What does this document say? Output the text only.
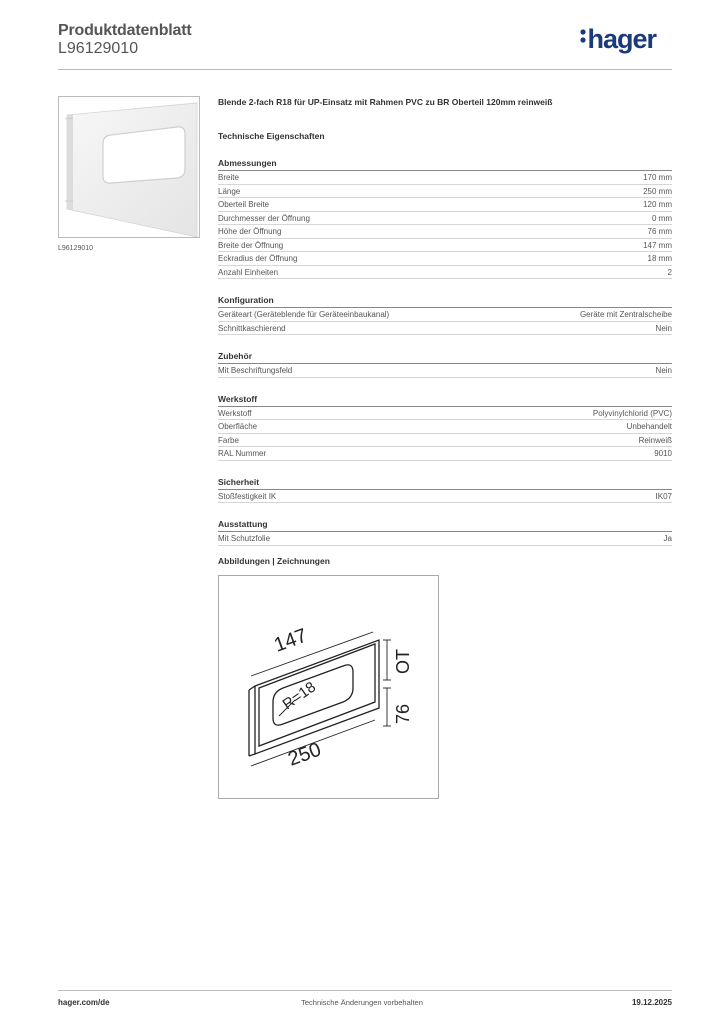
Produktdatenblatt
L96129010	hager
L96129010
Blende 2-fach R18 für UP-Einsatz mit Rahmen PVC zu BR Oberteil 120mm reinweiß
Technische Eigenschaften
Abmessungen
Breite	170 mm
Länge	250 mm
Oberteil Breite	120 mm
Durchmesser der Öffnung	0 mm
Höhe der Öffnung	76 mm
Breite der Öffnung	147 mm
Eckradius der Öffnung	18 mm
Anzahl Einheiten	2
Konfiguration
Geräteart (Geräteblende für Geräteeinbaukanal)	Geräte mit Zentralscheibe
Schnittkaschierend	Nein
Zubehör
Mit Beschriftungsfeld	Nein
Werkstoff
Werkstoff	Polyvinylchlorid (PVC)
Oberfläche	Unbehandelt
Farbe	Reinweiß
RAL Nummer	9010
Sicherheit
Stoßfestigkeit IK	IK07
Ausstattung
Mit Schutzfolie	Ja
Abbildungen | Zeichnungen
147
250
R=18
OT
76
hager.com/de	Technische Änderungen vorbehalten	19.12.2025
